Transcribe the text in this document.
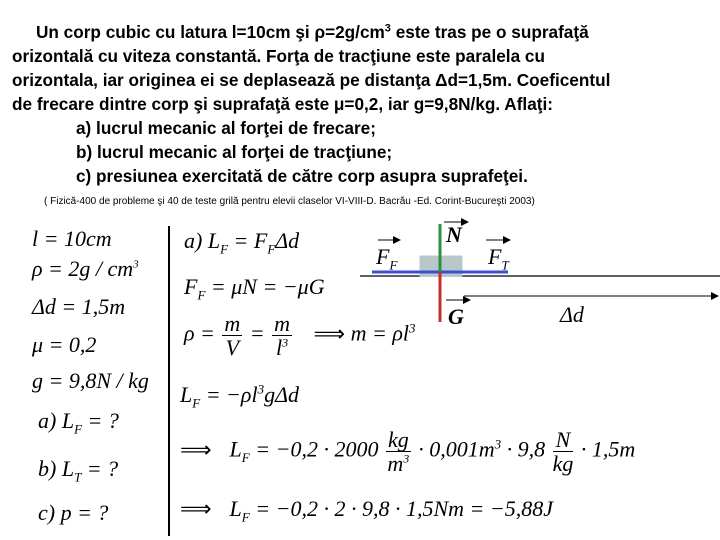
Un corp cubic cu latura l=10cm şi $\rho=2g/cm^3$ este tras pe o suprafaţă
orizontală cu viteza constantă. Forţa de tracţiune este paralela cu
orizontala, iar originea ei se deplasează pe distanţa Δd=1,5m. Coeficentul
de frecare dintre corp şi suprafaţă este μ=0,2, iar g=9,8N/kg. Aflaţi:
a) lucrul mecanic al forţei de frecare;
b) lucrul mecanic al forţei de tracţiune;
c) presiunea exercitată de către corp asupra suprafeţei.
( Fizică-400 de probleme şi 40 de teste grilă pentru elevii claselor VI-VIII-D. Bacrău -Ed. Corint-Bucureşti 2003)
l = 10cm
$\rho = 2g / cm^3$
Δd = 1,5m
μ = 0,2
g = 9,8N / kg
a) $L_F$ = ?
b) $L_T$ = ?
c) p = ?
a) $L_F = F_F\Delta d$
$F_F = \mu N = -\mu G$
$\rho = \frac{m}{V} = \frac{m}{l^3}$ ⟹ $m = \rho l^3$
$L_F = -\rho l^3g\Delta d$
⟹ $L_F = -0,2 \cdot 2000 \frac{kg}{m^3} \cdot 0,001m^3 \cdot 9,8 \frac{N}{kg} \cdot 1,5m$
⟹ $L_F = -0,2 \cdot 2 \cdot 9,8 \cdot 1,5Nm = -5,88J$
$F_F$	$F_T$
N
G	Δd
